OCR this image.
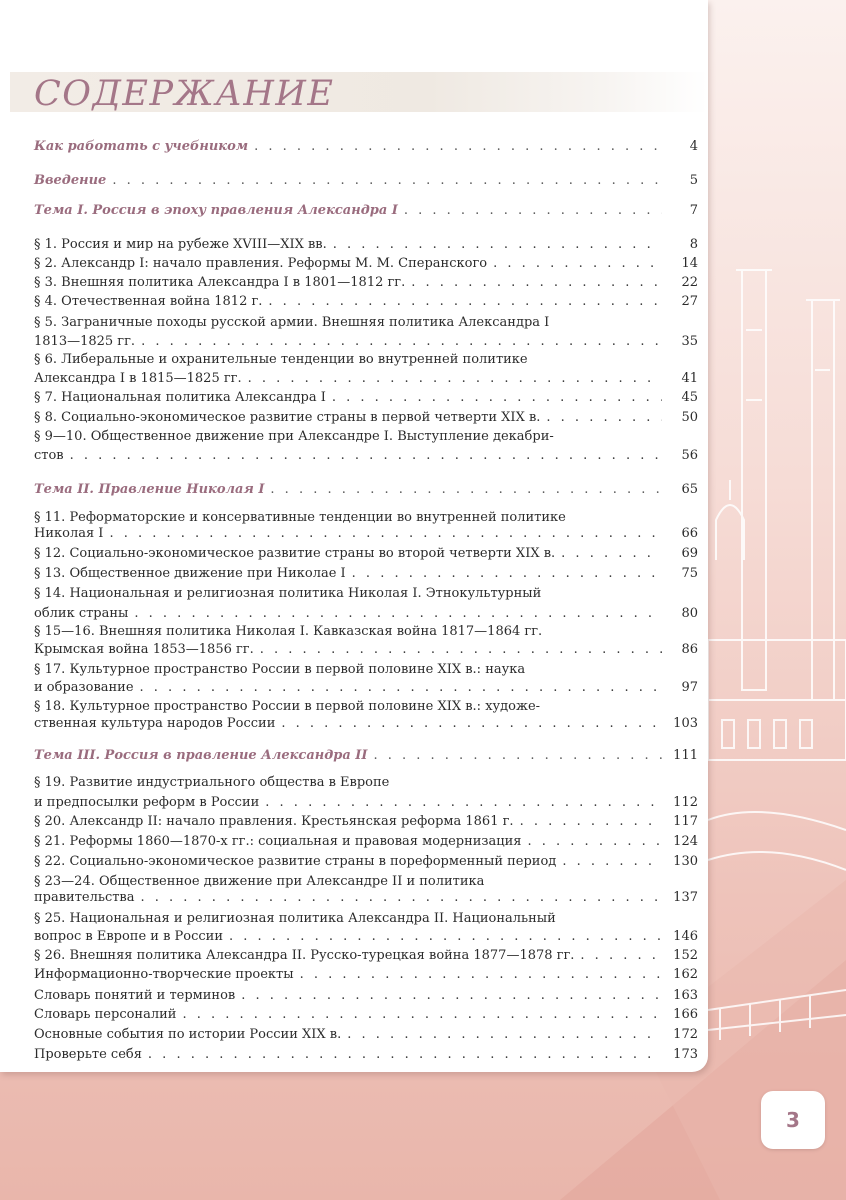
СОДЕРЖАНИЕ
Как работать с учебником . . .	4
Введение . . .	5
Тема I. Россия в эпоху правления Александра I . . .	7
§ 1. Россия и мир на рубеже XVIII—XIX вв. . . .	8
§ 2. Александр I: начало правления. Реформы М. М. Сперанского . . .	14
§ 3. Внешняя политика Александра I в 1801—1812 гг. . . .	22
§ 4. Отечественная война 1812 г. . . .	27
§ 5. Заграничные походы русской армии. Внешняя политика Александра I
1813—1825 гг. . . .	35
§ 6. Либеральные и охранительные тенденции во внутренней политике
Александра I в 1815—1825 гг. . . .	41
§ 7. Национальная политика Александра I . . .	45
§ 8. Социально-экономическое развитие страны в первой четверти XIX в. . . .	50
§ 9—10. Общественное движение при Александре I. Выступление декабри-
стов . . .	56
Тема II. Правление Николая I . . .	65
§ 11. Реформаторские и консервативные тенденции во внутренней политике
Николая I . . .	66
§ 12. Социально-экономическое развитие страны во второй четверти XIX в. . . .	69
§ 13. Общественное движение при Николае I . . .	75
§ 14. Национальная и религиозная политика Николая I. Этнокультурный
облик страны . . .	80
§ 15—16. Внешняя политика Николая I. Кавказская война 1817—1864 гг.
Крымская война 1853—1856 гг. . . .	86
§ 17. Культурное пространство России в первой половине XIX в.: наука
и образование . . .	97
§ 18. Культурное пространство России в первой половине XIX в.: художе-
ственная культура народов России . . .	103
Тема III. Россия в правление Александра II . . .	111
§ 19. Развитие индустриального общества в Европе
и предпосылки реформ в России . . .	112
§ 20. Александр II: начало правления. Крестьянская реформа 1861 г. . . .	117
§ 21. Реформы 1860—1870-х гг.: социальная и правовая модернизация . . .	124
§ 22. Социально-экономическое развитие страны в пореформенный период . . .	130
§ 23—24. Общественное движение при Александре II и политика
правительства . . .	137
§ 25. Национальная и религиозная политика Александра II. Национальный
вопрос в Европе и в России . . .	146
§ 26. Внешняя политика Александра II. Русско-турецкая война 1877—1878 гг. . . .	152
Информационно-творческие проекты . . .	162
Словарь понятий и терминов . . .	163
Словарь персоналий . . .	166
Основные события по истории России XIX в. . . .	172
Проверьте себя . . .	173
3
